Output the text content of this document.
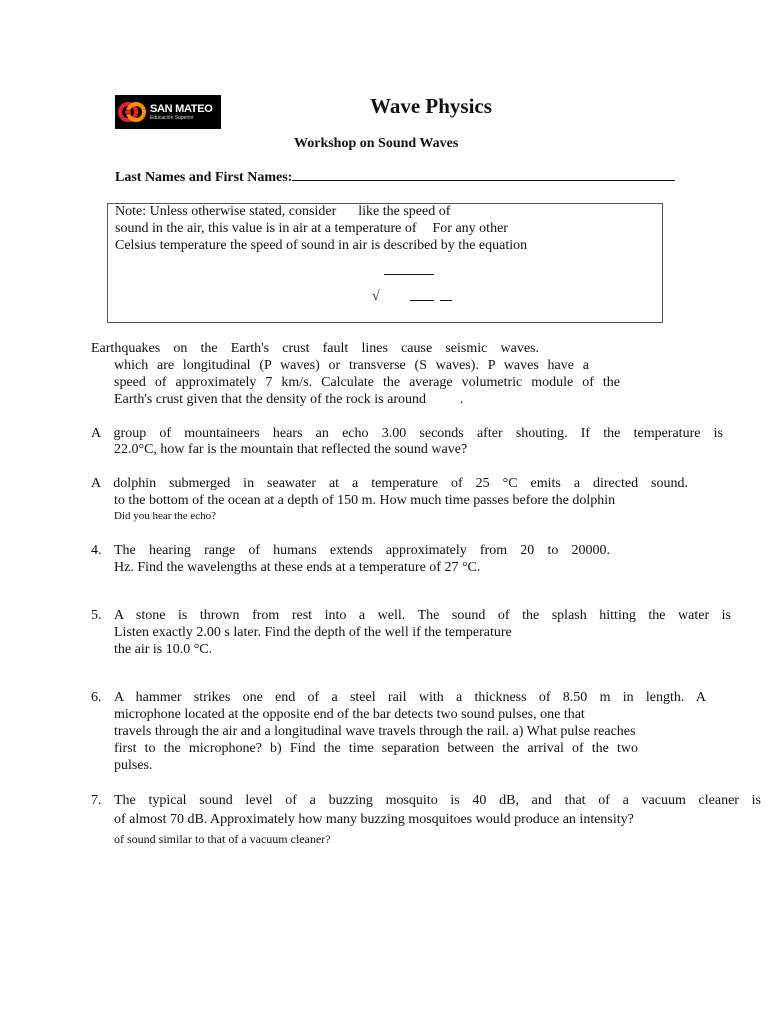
SAN MATEO
Educación Superior	Wave Physics
Workshop on Sound Waves
Last Names and First Names:
Note: Unless otherwise stated, consider like the speed of
sound in the air, this value is in air at a temperature of For any other
Celsius temperature the speed of sound in air is described by the equation
√
Earthquakes on the Earth's crust fault lines cause seismic waves.
which are longitudinal (P waves) or transverse (S waves). P waves have a
speed of approximately 7 km/s. Calculate the average volumetric module of the
Earth's crust given that the density of the rock is around .
A group of mountaineers hears an echo 3.00 seconds after shouting. If the temperature is
22.0°C, how far is the mountain that reflected the sound wave?
A dolphin submerged in seawater at a temperature of 25 °C emits a directed sound.
to the bottom of the ocean at a depth of 150 m. How much time passes before the dolphin
Did you hear the echo?
4. The hearing range of humans extends approximately from 20 to 20000.
Hz. Find the wavelengths at these ends at a temperature of 27 °C.
5. A stone is thrown from rest into a well. The sound of the splash hitting the water is
Listen exactly 2.00 s later. Find the depth of the well if the temperature
the air is 10.0 °C.
6. A hammer strikes one end of a steel rail with a thickness of 8.50 m in length. A
microphone located at the opposite end of the bar detects two sound pulses, one that
travels through the air and a longitudinal wave travels through the rail. a) What pulse reaches
first to the microphone? b) Find the time separation between the arrival of the two
pulses.
7. The typical sound level of a buzzing mosquito is 40 dB, and that of a vacuum cleaner is
of almost 70 dB. Approximately how many buzzing mosquitoes would produce an intensity?
of sound similar to that of a vacuum cleaner?
